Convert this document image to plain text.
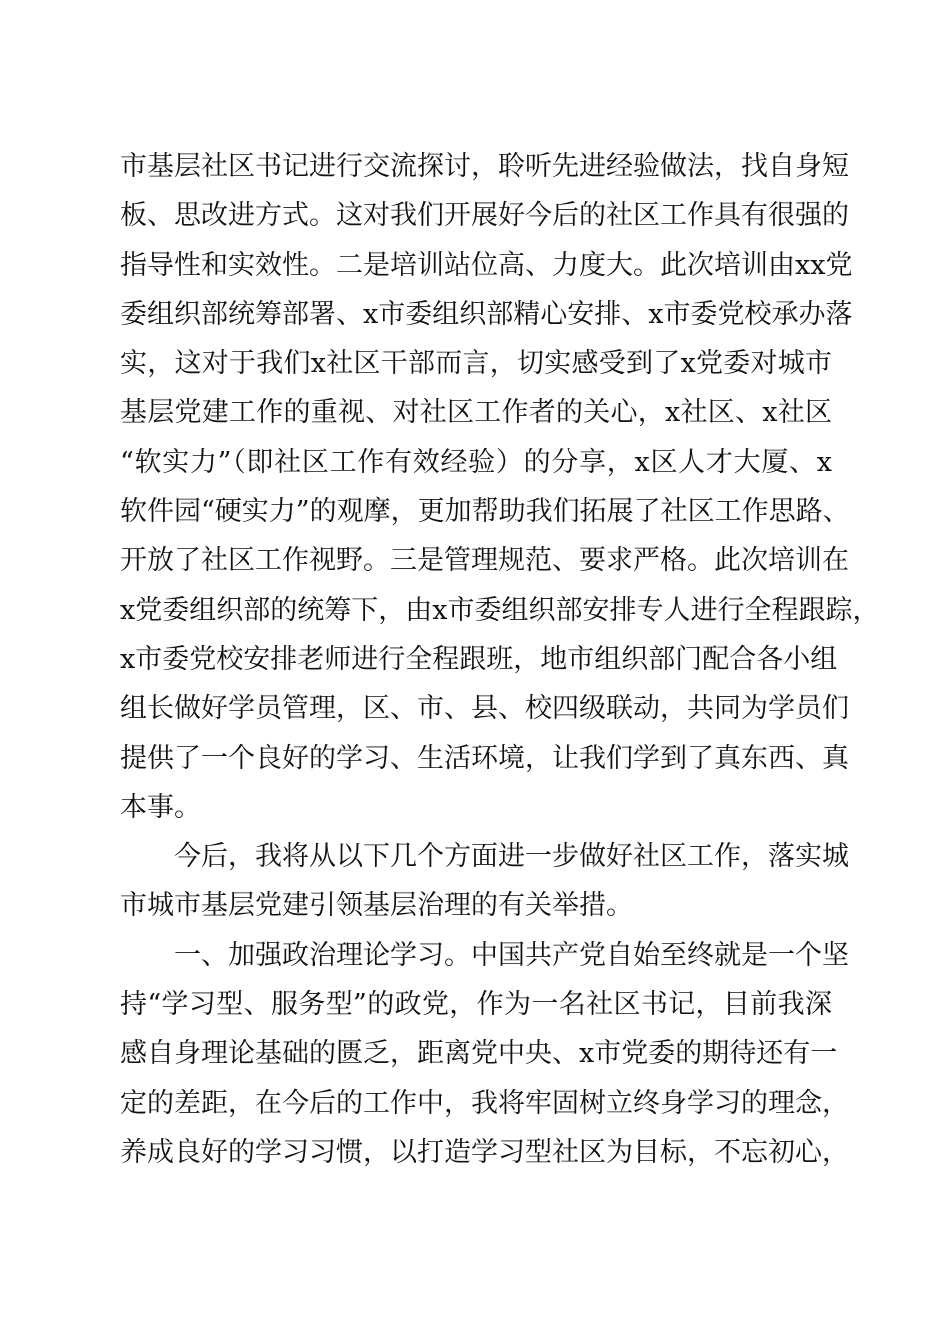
市基层社区书记进行交流探讨，聆听先进经验做法，找自身短
板、思改进方式。这对我们开展好今后的社区工作具有很强的
指导性和实效性。二是培训站位高、力度大。此次培训由xx党
委组织部统筹部署、x市委组织部精心安排、x市委党校承办落
实，这对于我们x社区干部而言，切实感受到了x党委对城市
基层党建工作的重视、对社区工作者的关心，x社区、x社区
“软实力”（即社区工作有效经验）的分享，x区人才大厦、x
软件园“硬实力”的观摩，更加帮助我们拓展了社区工作思路、
开放了社区工作视野。三是管理规范、要求严格。此次培训在
x党委组织部的统筹下，由x市委组织部安排专人进行全程跟踪，
x市委党校安排老师进行全程跟班，地市组织部门配合各小组
组长做好学员管理，区、市、县、校四级联动，共同为学员们
提供了一个良好的学习、生活环境，让我们学到了真东西、真
本事。
今后，我将从以下几个方面进一步做好社区工作，落实城
市城市基层党建引领基层治理的有关举措。
一、加强政治理论学习。中国共产党自始至终就是一个坚
持“学习型、服务型”的政党，作为一名社区书记，目前我深
感自身理论基础的匮乏，距离党中央、x市党委的期待还有一
定的差距，在今后的工作中，我将牢固树立终身学习的理念，
养成良好的学习习惯，以打造学习型社区为目标，不忘初心，
